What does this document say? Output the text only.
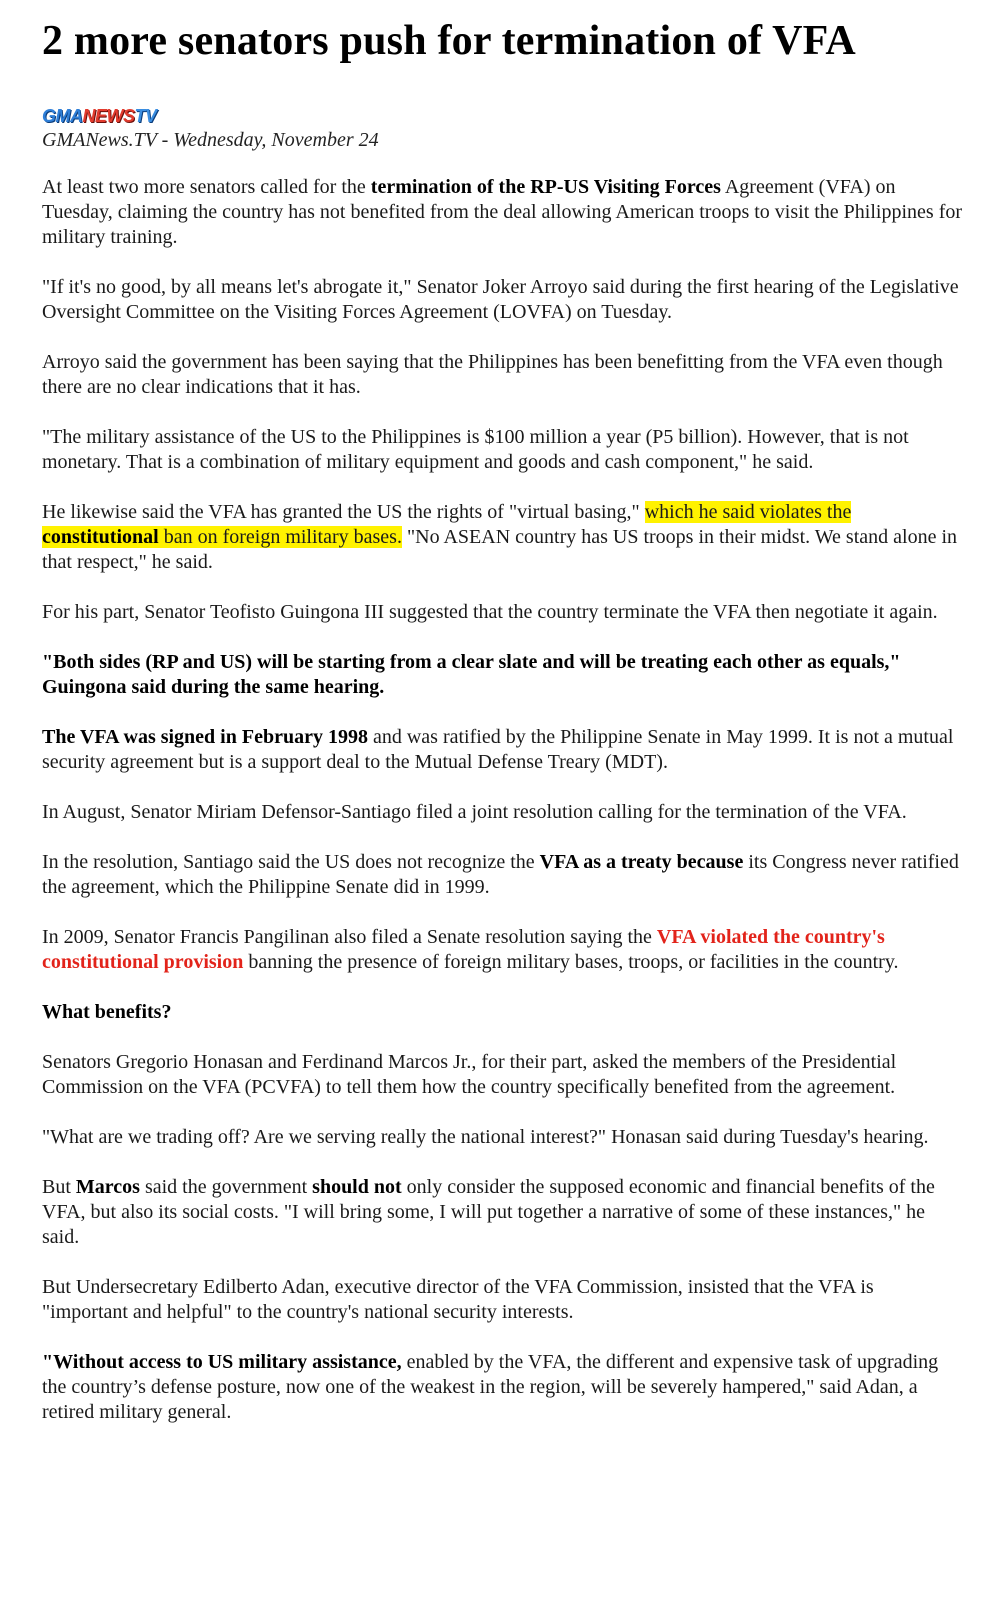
2 more senators push for termination of VFA
GMANEWSTV
GMANews.TV - Wednesday, November 24

At least two more senators called for the termination of the RP-US Visiting Forces Agreement (VFA) on Tuesday, claiming the country has not benefited from the deal allowing American troops to visit the Philippines for military training.

"If it's no good, by all means let's abrogate it," Senator Joker Arroyo said during the first hearing of the Legislative Oversight Committee on the Visiting Forces Agreement (LOVFA) on Tuesday.

Arroyo said the government has been saying that the Philippines has been benefitting from the VFA even though there are no clear indications that it has.

"The military assistance of the US to the Philippines is $100 million a year (P5 billion). However, that is not monetary. That is a combination of military equipment and goods and cash component," he said.

He likewise said the VFA has granted the US the rights of "virtual basing," which he said violates the constitutional ban on foreign military bases. "No ASEAN country has US troops in their midst. We stand alone in that respect," he said.

For his part, Senator Teofisto Guingona III suggested that the country terminate the VFA then negotiate it again.

"Both sides (RP and US) will be starting from a clear slate and will be treating each other as equals," Guingona said during the same hearing.

The VFA was signed in February 1998 and was ratified by the Philippine Senate in May 1999. It is not a mutual security agreement but is a support deal to the Mutual Defense Treary (MDT).

In August, Senator Miriam Defensor-Santiago filed a joint resolution calling for the termination of the VFA.

In the resolution, Santiago said the US does not recognize the VFA as a treaty because its Congress never ratified the agreement, which the Philippine Senate did in 1999.

In 2009, Senator Francis Pangilinan also filed a Senate resolution saying the VFA violated the country's constitutional provision banning the presence of foreign military bases, troops, or facilities in the country.

What benefits?

Senators Gregorio Honasan and Ferdinand Marcos Jr., for their part, asked the members of the Presidential Commission on the VFA (PCVFA) to tell them how the country specifically benefited from the agreement.

"What are we trading off? Are we serving really the national interest?" Honasan said during Tuesday's hearing.

But Marcos said the government should not only consider the supposed economic and financial benefits of the VFA, but also its social costs. "I will bring some, I will put together a narrative of some of these instances," he said.

But Undersecretary Edilberto Adan, executive director of the VFA Commission, insisted that the VFA is "important and helpful" to the country's national security interests.

"Without access to US military assistance, enabled by the VFA, the different and expensive task of upgrading the country’s defense posture, now one of the weakest in the region, will be severely hampered," said Adan, a retired military general.
